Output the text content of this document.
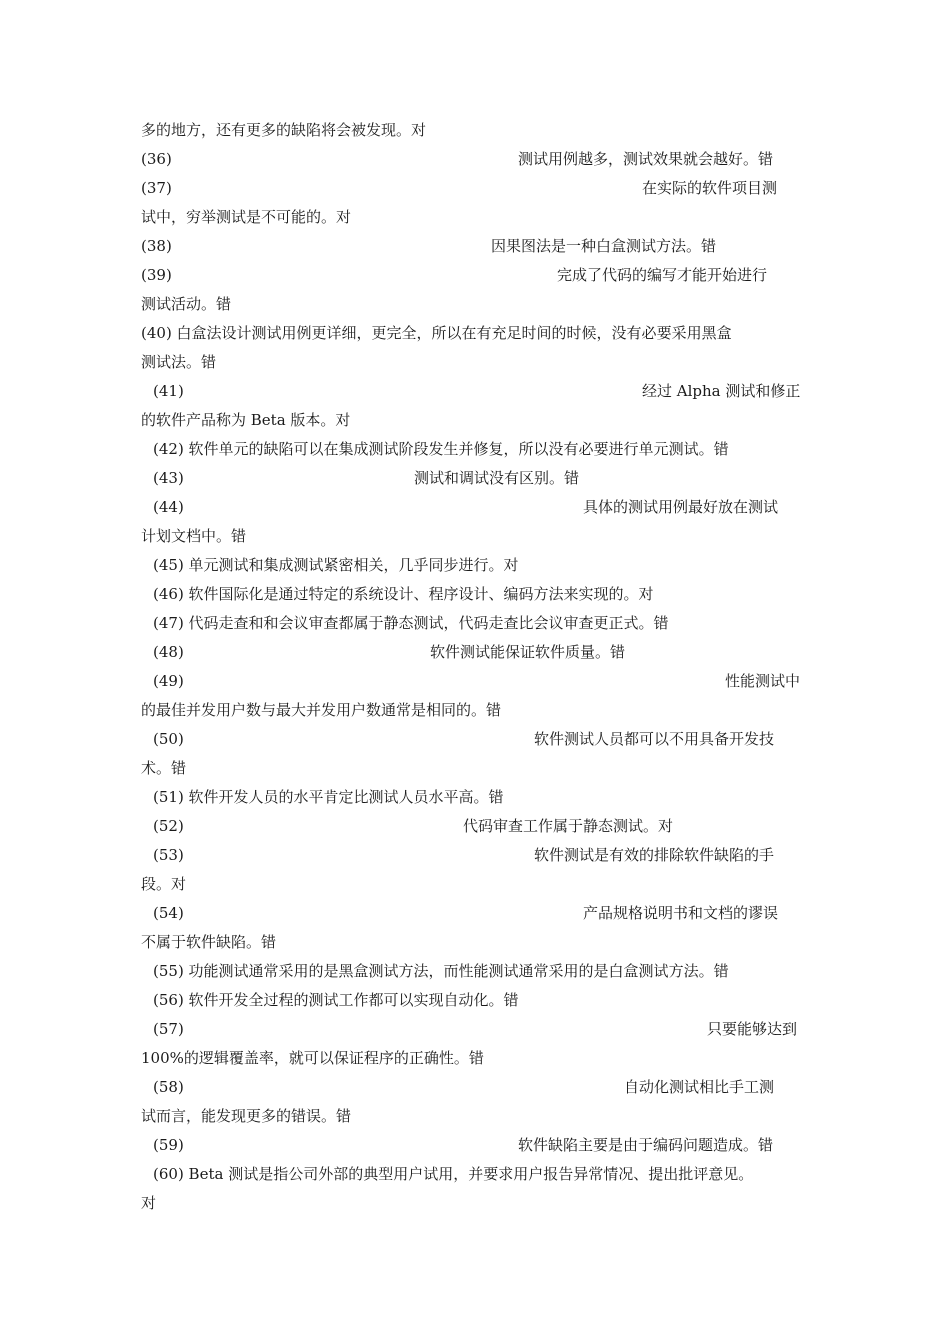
多的地方，还有更多的缺陷将会被发现。对
(36)	测试用例越多，测试效果就会越好。错
(37)	在实际的软件项目测
试中，穷举测试是不可能的。对
(38)	因果图法是一种白盒测试方法。错
(39)	完成了代码的编写才能开始进行
测试活动。错
(40) 白盒法设计测试用例更详细，更完全，所以在有充足时间的时候，没有必要采用黑盒
测试法。错
(41)	经过 Alpha 测试和修正
的软件产品称为 Beta 版本。对
(42) 软件单元的缺陷可以在集成测试阶段发生并修复，所以没有必要进行单元测试。错
(43)	测试和调试没有区别。错
(44)	具体的测试用例最好放在测试
计划文档中。错
(45) 单元测试和集成测试紧密相关，几乎同步进行。对
(46) 软件国际化是通过特定的系统设计、程序设计、编码方法来实现的。对
(47) 代码走查和和会议审查都属于静态测试，代码走查比会议审查更正式。错
(48)	软件测试能保证软件质量。错
(49)	性能测试中
的最佳并发用户数与最大并发用户数通常是相同的。错
(50)	软件测试人员都可以不用具备开发技
术。错
(51) 软件开发人员的水平肯定比测试人员水平高。错
(52)	代码审查工作属于静态测试。对
(53)	软件测试是有效的排除软件缺陷的手
段。对
(54)	产品规格说明书和文档的谬误
不属于软件缺陷。错
(55) 功能测试通常采用的是黑盒测试方法，而性能测试通常采用的是白盒测试方法。错
(56) 软件开发全过程的测试工作都可以实现自动化。错
(57)	只要能够达到
100%的逻辑覆盖率，就可以保证程序的正确性。错
(58)	自动化测试相比手工测
试而言，能发现更多的错误。错
(59)	软件缺陷主要是由于编码问题造成。错
(60) Beta 测试是指公司外部的典型用户试用，并要求用户报告异常情况、提出批评意见。
对
